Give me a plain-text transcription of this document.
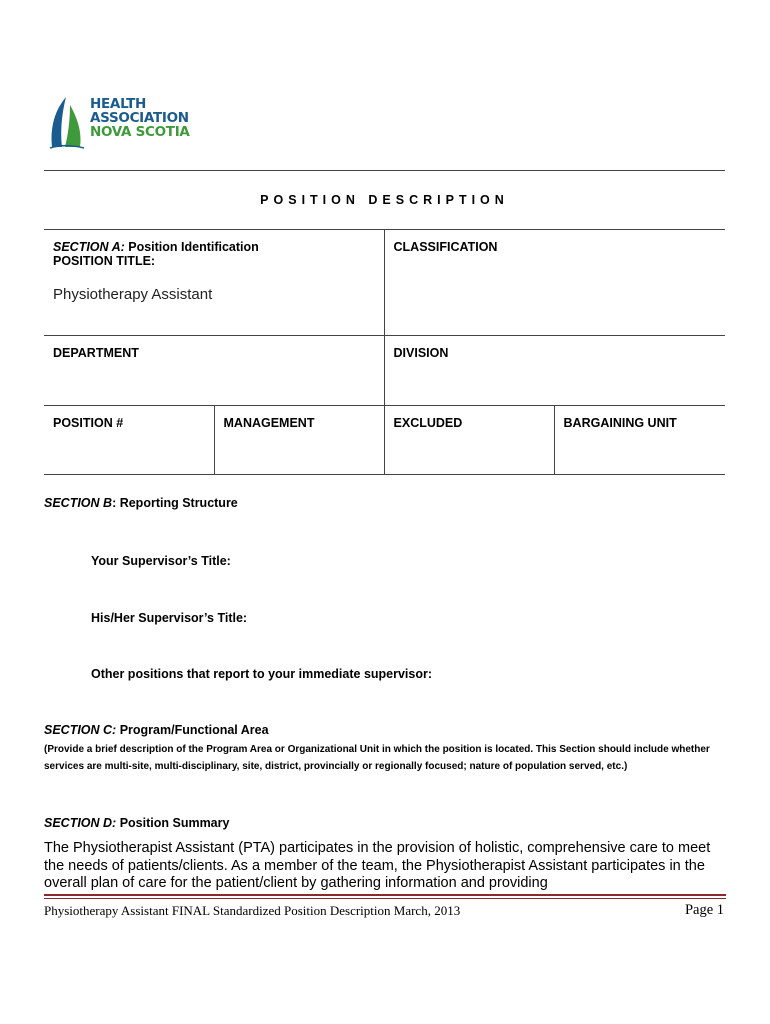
HEALTH
ASSOCIATION
NOVA SCOTIA
POSITION DESCRIPTION
SECTION A: Position Identification
POSITION TITLE:
Physiotherapy Assistant		CLASSIFICATION	

DEPARTMENT		DIVISION	

POSITION #	MANAGEMENT	EXCLUDED	BARGAINING UNIT
SECTION B: Reporting Structure
Your Supervisor’s Title:
His/Her Supervisor’s Title:
Other positions that report to your immediate supervisor:
SECTION C: Program/Functional Area
(Provide a brief description of the Program Area or Organizational Unit in which the position is located. This Section should include whether services are multi-site, multi-disciplinary, site, district, provincially or regionally focused; nature of population served, etc.)
SECTION D: Position Summary
The Physiotherapist Assistant (PTA) participates in the provision of holistic, comprehensive care to meet the needs of patients/clients. As a member of the team, the Physiotherapist Assistant participates in the overall plan of care for the patient/client by gathering information and providing
Physiotherapy Assistant FINAL Standardized Position Description March, 2013	Page 1
